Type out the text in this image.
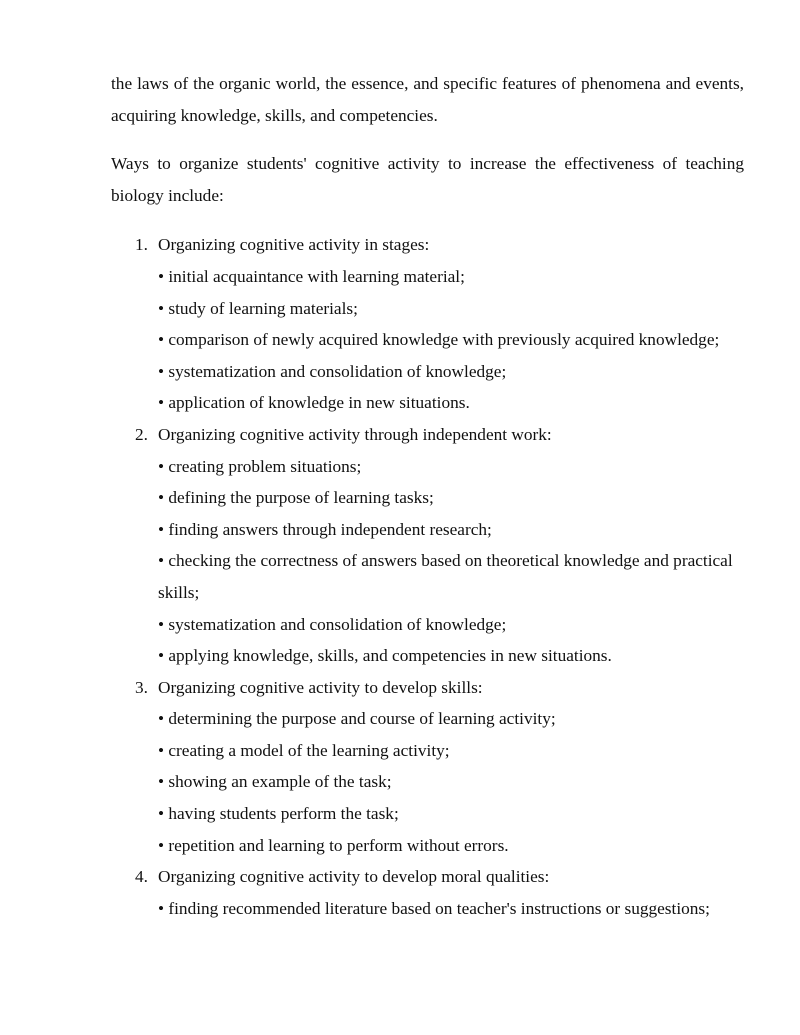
the laws of the organic world, the essence, and specific features of phenomena and events, acquiring knowledge, skills, and competencies.

Ways to organize students' cognitive activity to increase the effectiveness of teaching biology include:

1. Organizing cognitive activity in stages:
• initial acquaintance with learning material;
• study of learning materials;
• comparison of newly acquired knowledge with previously acquired knowledge;
• systematization and consolidation of knowledge;
• application of knowledge in new situations.
2. Organizing cognitive activity through independent work:
• creating problem situations;
• defining the purpose of learning tasks;
• finding answers through independent research;
• checking the correctness of answers based on theoretical knowledge and practical skills;
• systematization and consolidation of knowledge;
• applying knowledge, skills, and competencies in new situations.
3. Organizing cognitive activity to develop skills:
• determining the purpose and course of learning activity;
• creating a model of the learning activity;
• showing an example of the task;
• having students perform the task;
• repetition and learning to perform without errors.
4. Organizing cognitive activity to develop moral qualities:
• finding recommended literature based on teacher's instructions or suggestions;
